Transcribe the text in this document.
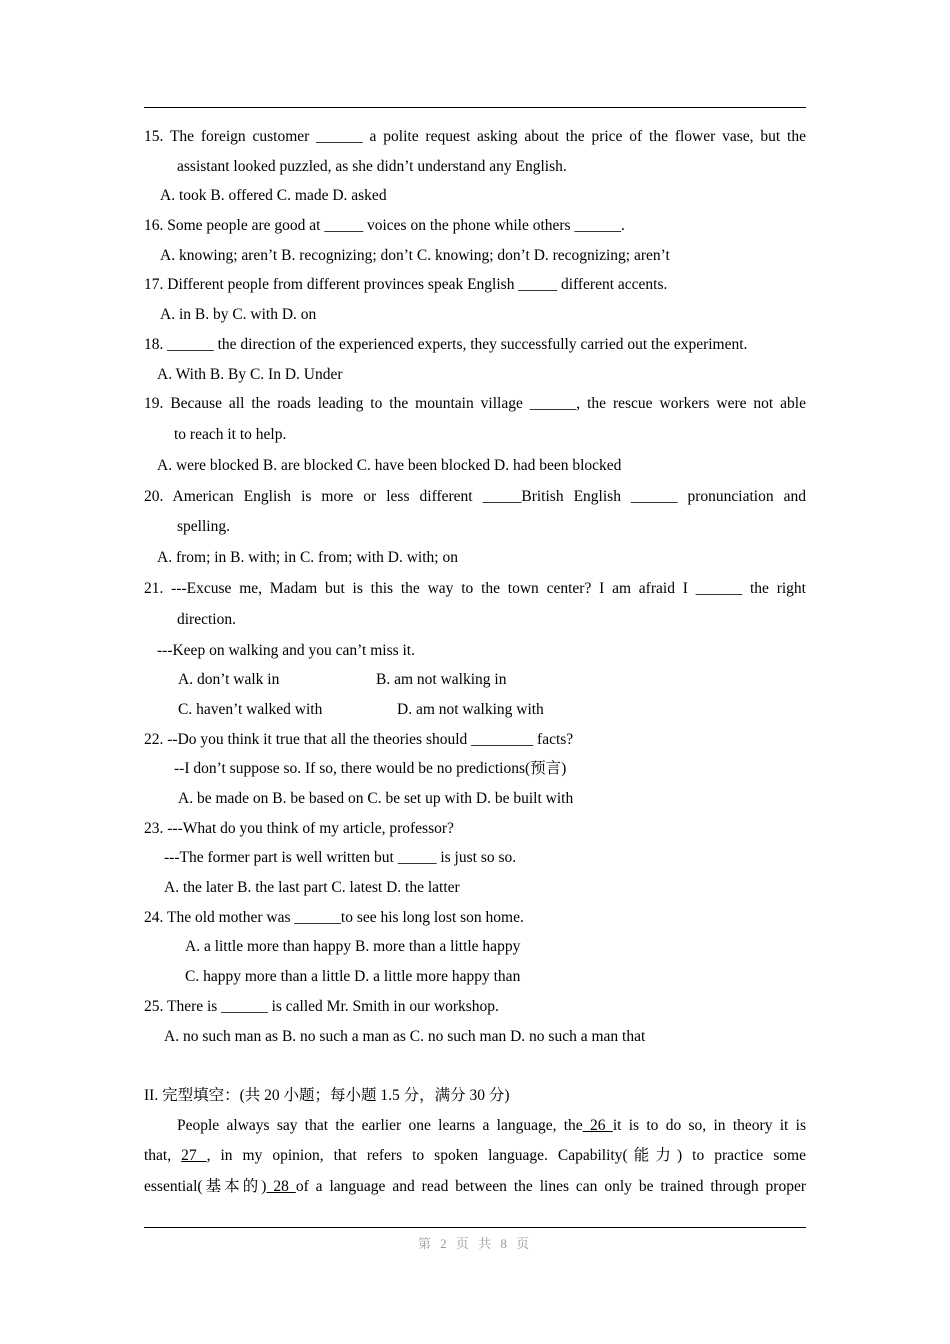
15. The foreign customer ______ a polite request asking about the price of the flower vase, but the
assistant looked puzzled, as she didn’t understand any English.
A. took B. offered C. made D. asked
16. Some people are good at _____ voices on the phone while others ______.
A. knowing; aren’t B. recognizing; don’t C. knowing; don’t D. recognizing; aren’t
17. Different people from different provinces speak English _____ different accents.
A. in B. by C. with D. on
18. ______ the direction of the experienced experts, they successfully carried out the experiment.
A. With B. By C. In D. Under
19. Because all the roads leading to the mountain village ______, the rescue workers were not able
to reach it to help.
A. were blocked B. are blocked C. have been blocked D. had been blocked
20. American English is more or less different _____British English ______ pronunciation and
spelling.
A. from; in B. with; in C. from; with D. with; on
21. ---Excuse me, Madam but is this the way to the town center? I am afraid I ______ the right
direction.
---Keep on walking and you can’t miss it.
A. don’t walk in	B. am not walking in
C. haven’t walked with	D. am not walking with
22. --Do you think it true that all the theories should ________ facts?
--I don’t suppose so. If so, there would be no predictions(预言)
A. be made on B. be based on C. be set up with D. be built with
23. ---What do you think of my article, professor?
---The former part is well written but _____ is just so so.
A. the later B. the last part C. latest D. the latter
24. The old mother was ______to see his long lost son home.
A. a little more than happy B. more than a little happy
C. happy more than a little D. a little more happy than
25. There is ______ is called Mr. Smith in our workshop.
A. no such man as B. no such a man as C. no such man D. no such a man that
II. 完型填空：(共 20 小题；每小题 1.5 分，满分 30 分)
People always say that the earlier one learns a language, the 26 it is to do so, in theory it is
that, 27 , in my opinion, that refers to spoken language. Capability(能力) to practice some
essential(基本的) 28 of a language and read between the lines can only be trained through proper
第 2 页 共 8 页
